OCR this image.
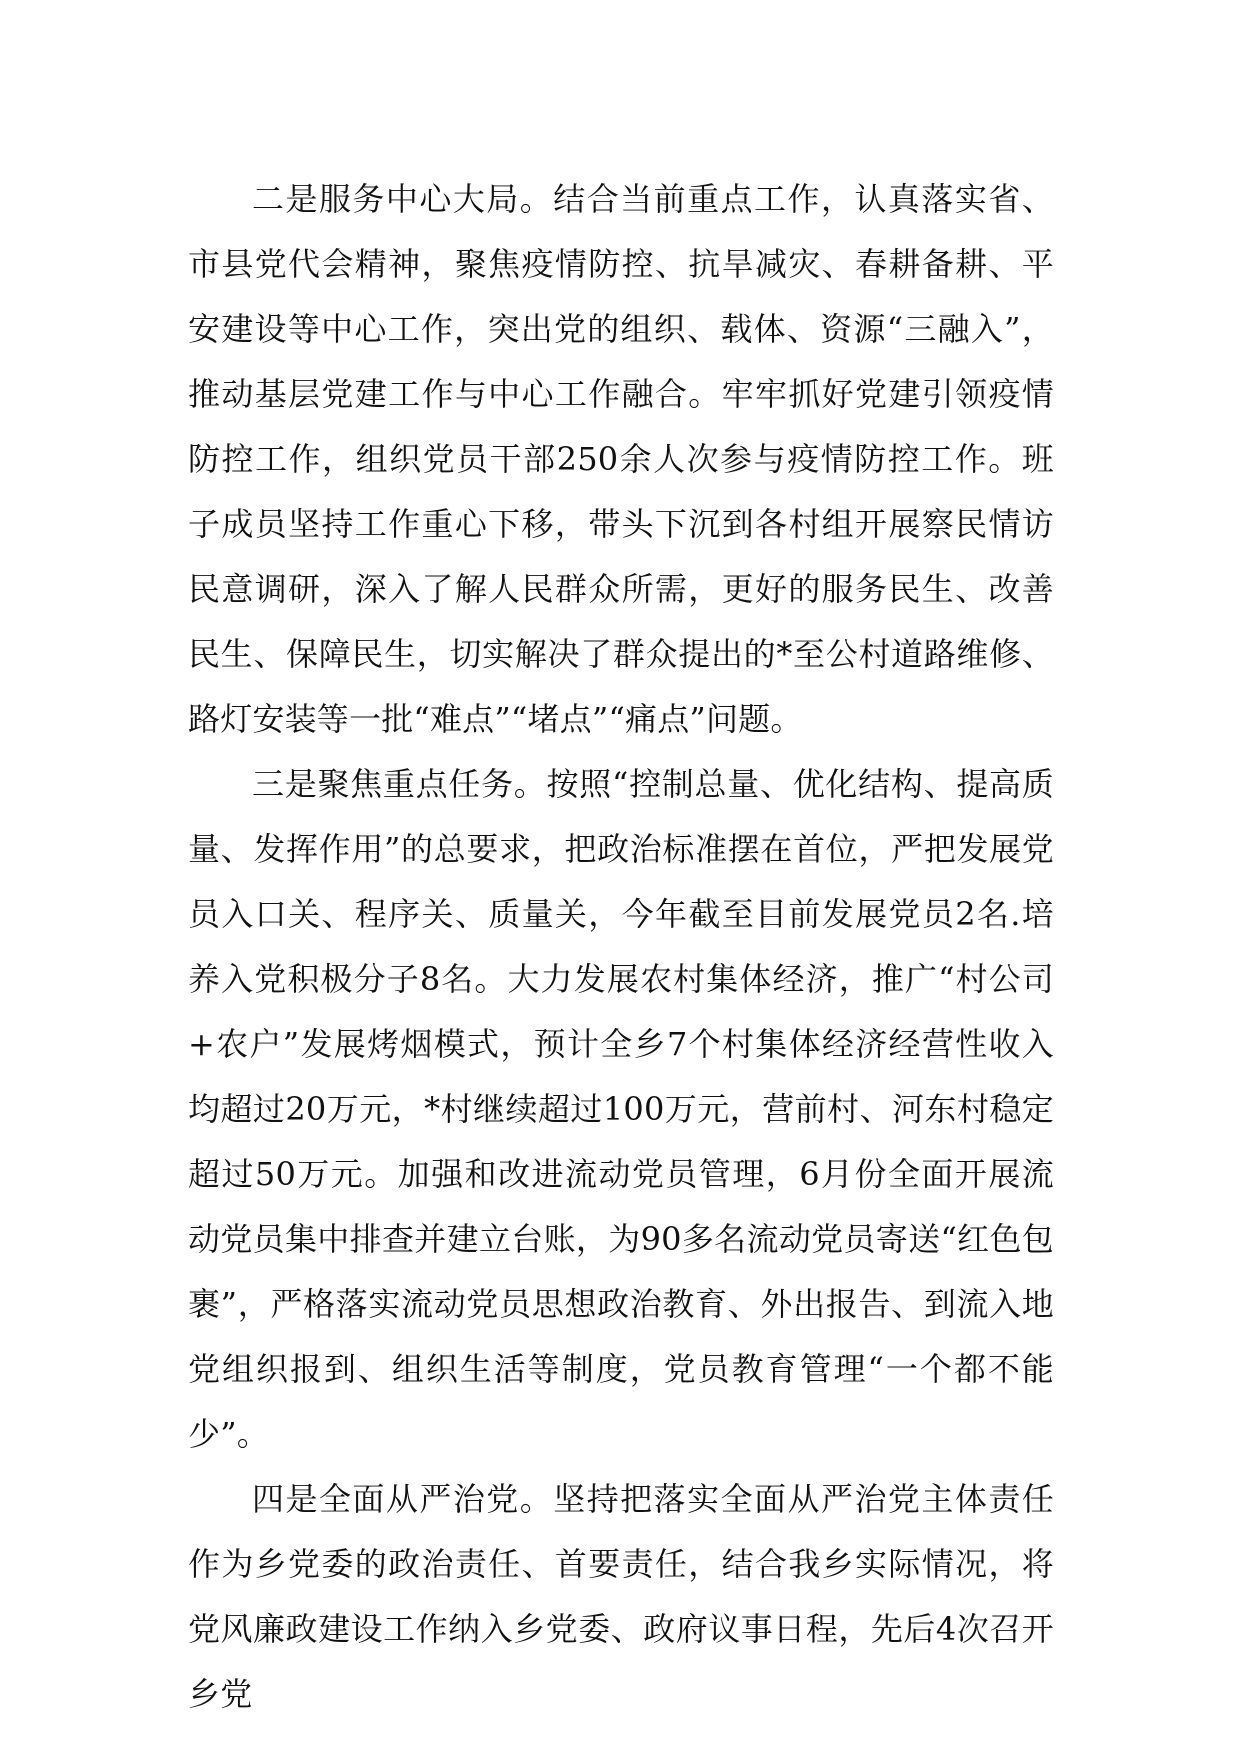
二是服务中心大局。结合当前重点工作，认真落实省、市县党代会精神，聚焦疫情防控、抗旱减灾、春耕备耕、平安建设等中心工作，突出党的组织、载体、资源“三融入”，推动基层党建工作与中心工作融合。牢牢抓好党建引领疫情防控工作，组织党员干部250余人次参与疫情防控工作。班子成员坚持工作重心下移，带头下沉到各村组开展察民情访民意调研，深入了解人民群众所需，更好的服务民生、改善民生、保障民生，切实解决了群众提出的*至公村道路维修、路灯安装等一批“难点”“堵点”“痛点”问题。

三是聚焦重点任务。按照“控制总量、优化结构、提高质量、发挥作用”的总要求，把政治标准摆在首位，严把发展党员入口关、程序关、质量关，今年截至目前发展党员2名.培养入党积极分子8名。大力发展农村集体经济，推广“村公司+农户”发展烤烟模式，预计全乡7个村集体经济经营性收入均超过20万元，*村继续超过100万元，营前村、河东村稳定超过50万元。加强和改进流动党员管理，6月份全面开展流动党员集中排查并建立台账，为90多名流动党员寄送“红色包裹”，严格落实流动党员思想政治教育、外出报告、到流入地党组织报到、组织生活等制度，党员教育管理“一个都不能少”。

四是全面从严治党。坚持把落实全面从严治党主体责任作为乡党委的政治责任、首要责任，结合我乡实际情况，将党风廉政建设工作纳入乡党委、政府议事日程，先后4次召开乡党
